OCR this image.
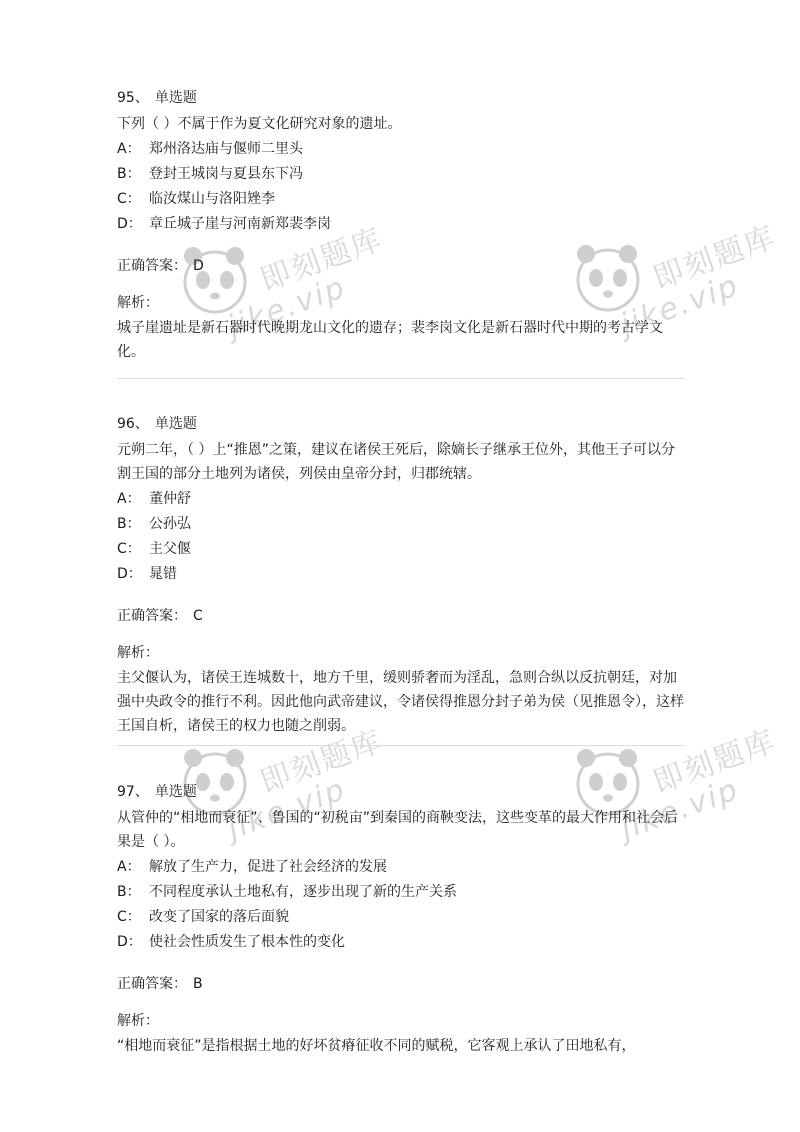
即刻题库
jike.vip
即刻题库
jike.vip
即刻题库
jike.vip
即刻题库
jike.vip
95、 单选题
下列（ ）不属于作为夏文化研究对象的遗址。
A： 郑州洛达庙与偃师二里头
B： 登封王城岗与夏县东下冯
C： 临汝煤山与洛阳矬李
D： 章丘城子崖与河南新郑裴李岗
正确答案： D
解析：
城子崖遗址是新石器时代晚期龙山文化的遗存；裴李岗文化是新石器时代中期的考古学文化。
96、 单选题
元朔二年，（ ）上“推恩”之策，建议在诸侯王死后，除嫡长子继承王位外，其他王子可以分割王国的部分土地列为诸侯，列侯由皇帝分封，归郡统辖。
A： 董仲舒
B： 公孙弘
C： 主父偃
D： 晁错
正确答案： C
解析：
主父偃认为，诸侯王连城数十，地方千里，缓则骄奢而为淫乱，急则合纵以反抗朝廷，对加强中央政令的推行不利。因此他向武帝建议，令诸侯得推恩分封子弟为侯（见推恩令），这样王国自析，诸侯王的权力也随之削弱。
97、 单选题
从管仲的“相地而衰征”、鲁国的“初税亩”到秦国的商鞅变法，这些变革的最大作用和社会后果是（ ）。
A： 解放了生产力，促进了社会经济的发展
B： 不同程度承认土地私有，逐步出现了新的生产关系
C： 改变了国家的落后面貌
D： 使社会性质发生了根本性的变化
正确答案： B
解析：
“相地而衰征”是指根据土地的好坏贫瘠征收不同的赋税，它客观上承认了田地私有，
